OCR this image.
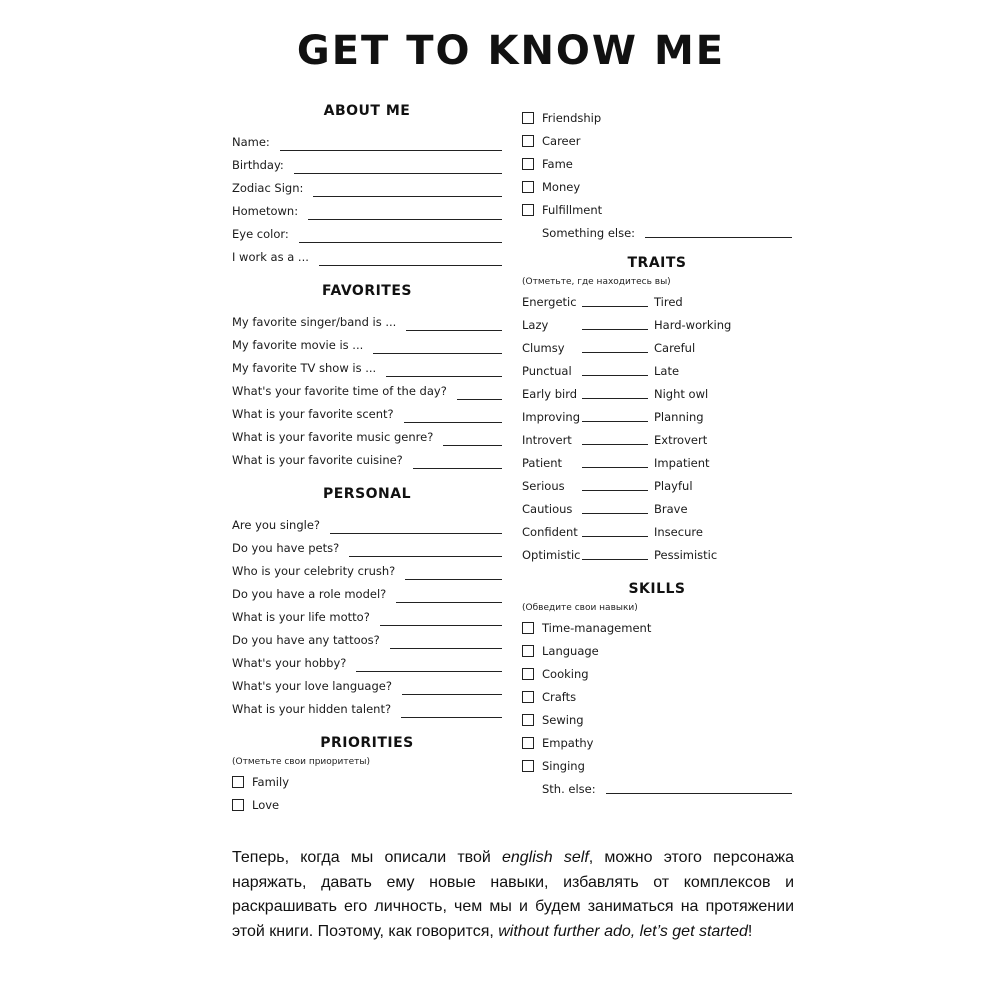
GET TO KNOW ME
ABOUT ME
Name:
Birthday:
Zodiac Sign:
Hometown:
Eye color:
I work as a ...
FAVORITES
My favorite singer/band is ...
My favorite movie is ...
My favorite TV show is ...
What's your favorite time of the day?
What is your favorite scent?
What is your favorite music genre?
What is your favorite cuisine?
PERSONAL
Are you single?
Do you have pets?
Who is your celebrity crush?
Do you have a role model?
What is your life motto?
Do you have any tattoos?
What's your hobby?
What's your love language?
What is your hidden talent?
PRIORITIES
(Отметьте свои приоритеты)
Family
Love
Friendship
Career
Fame
Money
Fulfillment
Something else:
TRAITS
(Отметьте, где находитесь вы)
Energetic	Tired
Lazy	Hard-working
Clumsy	Careful
Punctual	Late
Early bird	Night owl
Improving	Planning
Introvert	Extrovert
Patient	Impatient
Serious	Playful
Cautious	Brave
Confident	Insecure
Optimistic	Pessimistic
SKILLS
(Обведите свои навыки)
Time-management
Language
Cooking
Crafts
Sewing
Empathy
Singing
Sth. else:
Теперь, когда мы описали твой english self, можно этого персонажа наряжать, давать ему новые навыки, избавлять от комплексов и раскрашивать его личность, чем мы и будем заниматься на протяжении этой книги. Поэтому, как говорится, without further ado, let’s get started!
